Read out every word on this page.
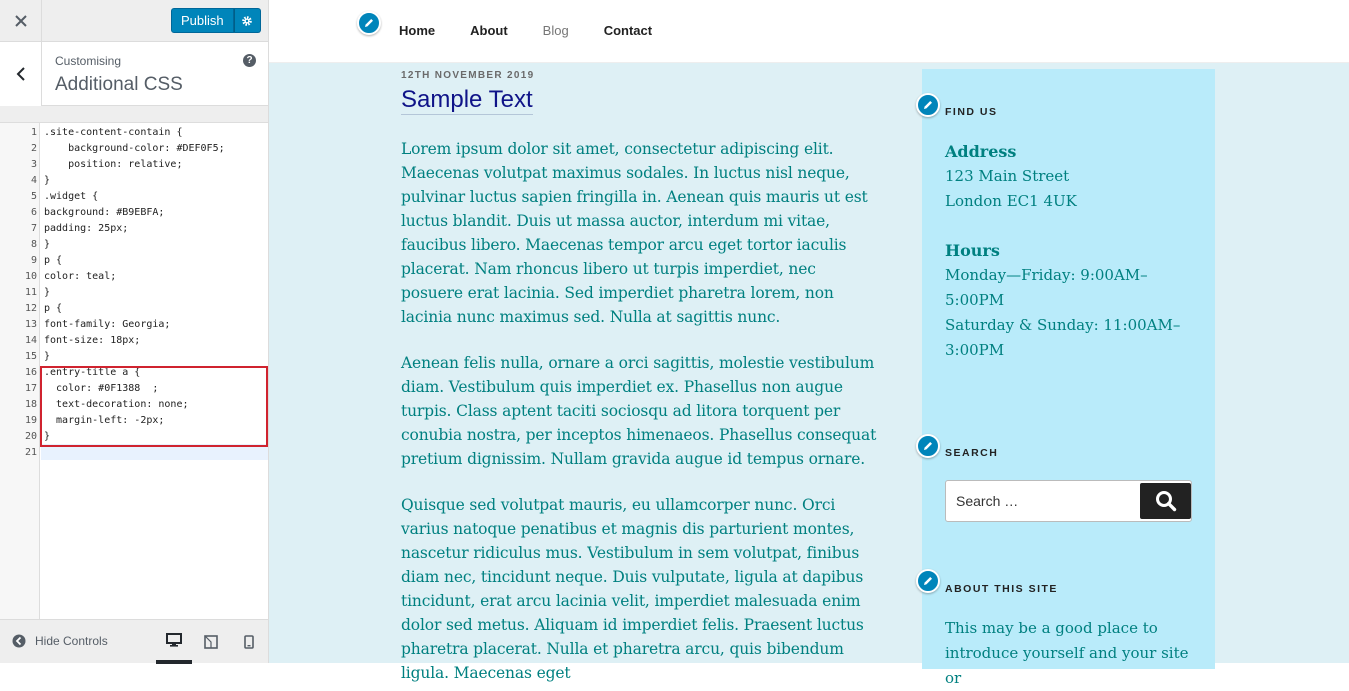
Publish
Customising
Additional CSS
?
1
2
3
4
5
6
7
8
9
10
11
12
13
14
15
16
17
18
19
20
21
.site-content-contain {
background-color: #DEF0F5;
position: relative;
}
.widget {
background: #B9EBFA;
padding: 25px;
}
p {
color: teal;
}
p {
font-family: Georgia;
font-size: 18px;
}
.entry-title a {
color: #0F1388  ;
text-decoration: none;
margin-left: -2px;
}
Hide Controls
Home	About	Blog	Contact
12TH NOVEMBER 2019
Sample Text

Lorem ipsum dolor sit amet, consectetur adipiscing elit. Maecenas volutpat maximus sodales. In luctus nisl neque, pulvinar luctus sapien fringilla in. Aenean quis mauris ut est luctus blandit. Duis ut massa auctor, interdum mi vitae, faucibus libero. Maecenas tempor arcu eget tortor iaculis placerat. Nam rhoncus libero ut turpis imperdiet, nec posuere erat lacinia. Sed imperdiet pharetra lorem, non lacinia nunc maximus sed. Nulla at sagittis nunc.

Aenean felis nulla, ornare a orci sagittis, molestie vestibulum diam. Vestibulum quis imperdiet ex. Phasellus non augue turpis. Class aptent taciti sociosqu ad litora torquent per conubia nostra, per inceptos himenaeos. Phasellus consequat pretium dignissim. Nullam gravida augue id tempus ornare.

Quisque sed volutpat mauris, eu ullamcorper nunc. Orci varius natoque penatibus et magnis dis parturient montes, nascetur ridiculus mus. Vestibulum in sem volutpat, finibus diam nec, tincidunt neque. Duis vulputate, ligula at dapibus tincidunt, erat arcu lacinia velit, imperdiet malesuada enim dolor sed metus. Aliquam id imperdiet felis. Praesent luctus pharetra placerat. Nulla et pharetra arcu, quis bibendum ligula. Maecenas eget

FIND US
Address
123 Main Street
London EC1 4UK
Hours
Monday—Friday: 9:00AM–
5:00PM
Saturday & Sunday: 11:00AM–
3:00PM
SEARCH
Search …
ABOUT THIS SITE
This may be a good place to
introduce yourself and your site or
